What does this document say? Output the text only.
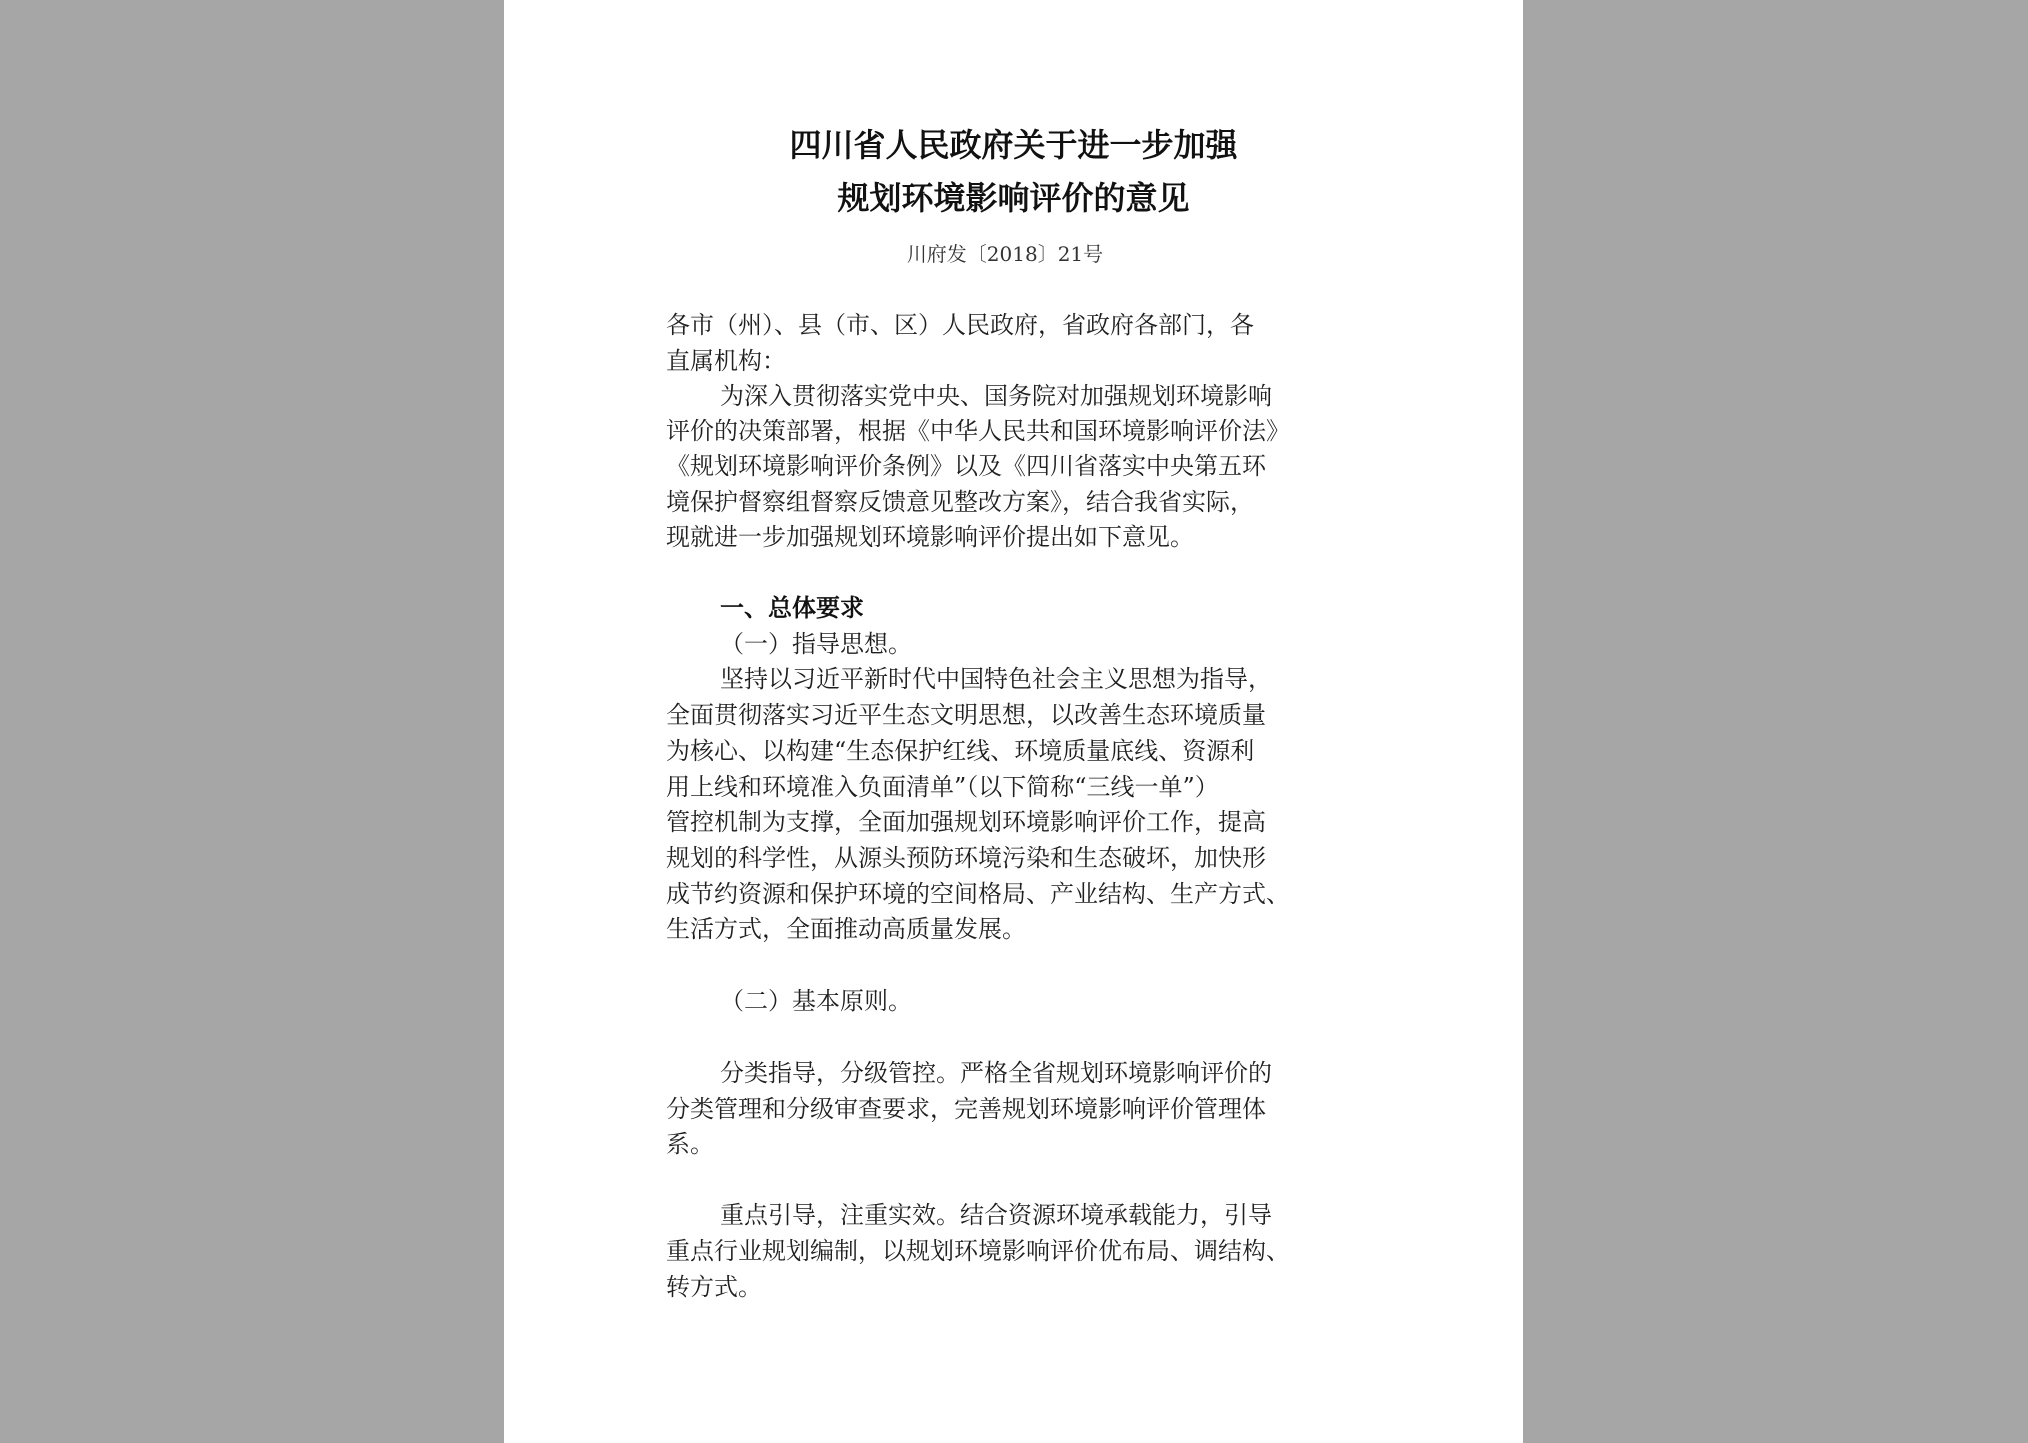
四川省人民政府关于进一步加强
规划环境影响评价的意见
川府发〔2018〕21号
各市（州）、县（市、区）人民政府，省政府各部门，各
直属机构：
为深入贯彻落实党中央、国务院对加强规划环境影响
评价的决策部署，根据《中华人民共和国环境影响评价法》
《规划环境影响评价条例》以及《四川省落实中央第五环
境保护督察组督察反馈意见整改方案》，结合我省实际，
现就进一步加强规划环境影响评价提出如下意见。
一、总体要求
（一）指导思想。
坚持以习近平新时代中国特色社会主义思想为指导，
全面贯彻落实习近平生态文明思想，以改善生态环境质量
为核心、以构建“生态保护红线、环境质量底线、资源利
用上线和环境准入负面清单”（以下简称“三线一单”）
管控机制为支撑，全面加强规划环境影响评价工作，提高
规划的科学性，从源头预防环境污染和生态破坏，加快形
成节约资源和保护环境的空间格局、产业结构、生产方式、
生活方式，全面推动高质量发展。
（二）基本原则。
分类指导，分级管控。严格全省规划环境影响评价的
分类管理和分级审查要求，完善规划环境影响评价管理体
系。
重点引导，注重实效。结合资源环境承载能力，引导
重点行业规划编制，以规划环境影响评价优布局、调结构、
转方式。
